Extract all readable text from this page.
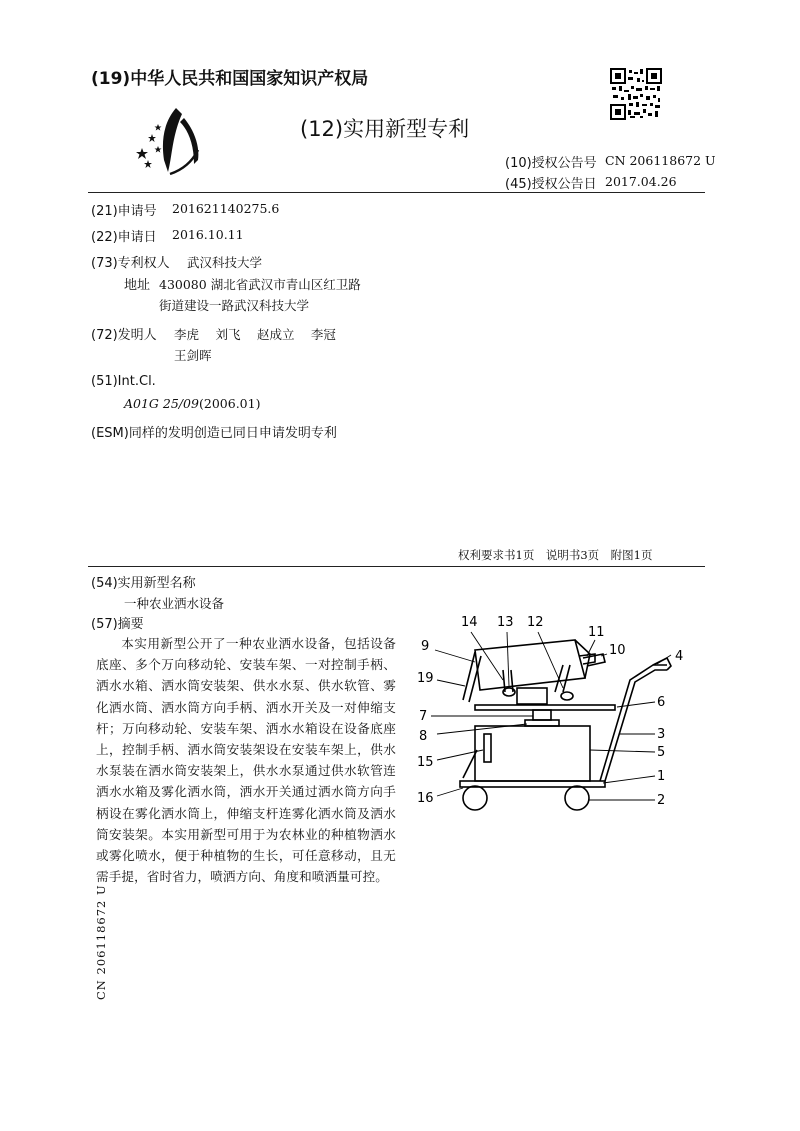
(19)中华人民共和国国家知识产权局
(12)实用新型专利
(10)授权公告号 CN 206118672 U
(45)授权公告日 2017.04.26
(21)申请号 201621140275.6
(22)申请日 2016.10.11
(73)专利权人 武汉科技大学
地址 430080 湖北省武汉市青山区红卫路
街道建设一路武汉科技大学
(72)发明人 李虎　 刘飞　 赵成立　 李冠
王剑晖
(51)Int.Cl.
A01G 25/09 (2006.01)
(ESM)同样的发明创造已同日申请发明专利
权利要求书1页　说明书3页　附图1页
(54)实用新型名称
一种农业洒水设备
(57)摘要
本实用新型公开了一种农业洒水设备，包括设备底座、多个万向移动轮、安装车架、一对控制手柄、洒水水箱、洒水筒安装架、供水水泵、供水软管、雾化洒水筒、洒水筒方向手柄、洒水开关及一对伸缩支杆；万向移动轮、安装车架、洒水水箱设在设备底座上，控制手柄、洒水筒安装架设在安装车架上，供水水泵装在洒水筒安装架上，供水水泵通过供水软管连洒水水箱及雾化洒水筒，洒水开关通过洒水筒方向手柄设在雾化洒水筒上，伸缩支杆连雾化洒水筒及洒水筒安装架。本实用新型可用于为农林业的种植物洒水或雾化喷水，便于种植物的生长，可任意移动，且无需手提，省时省力，喷洒方向、角度和喷洒量可控。
CN 206118672 U
14 13 12
11
10	4
9
19
6
7
3
8
5
15
1
16	2
